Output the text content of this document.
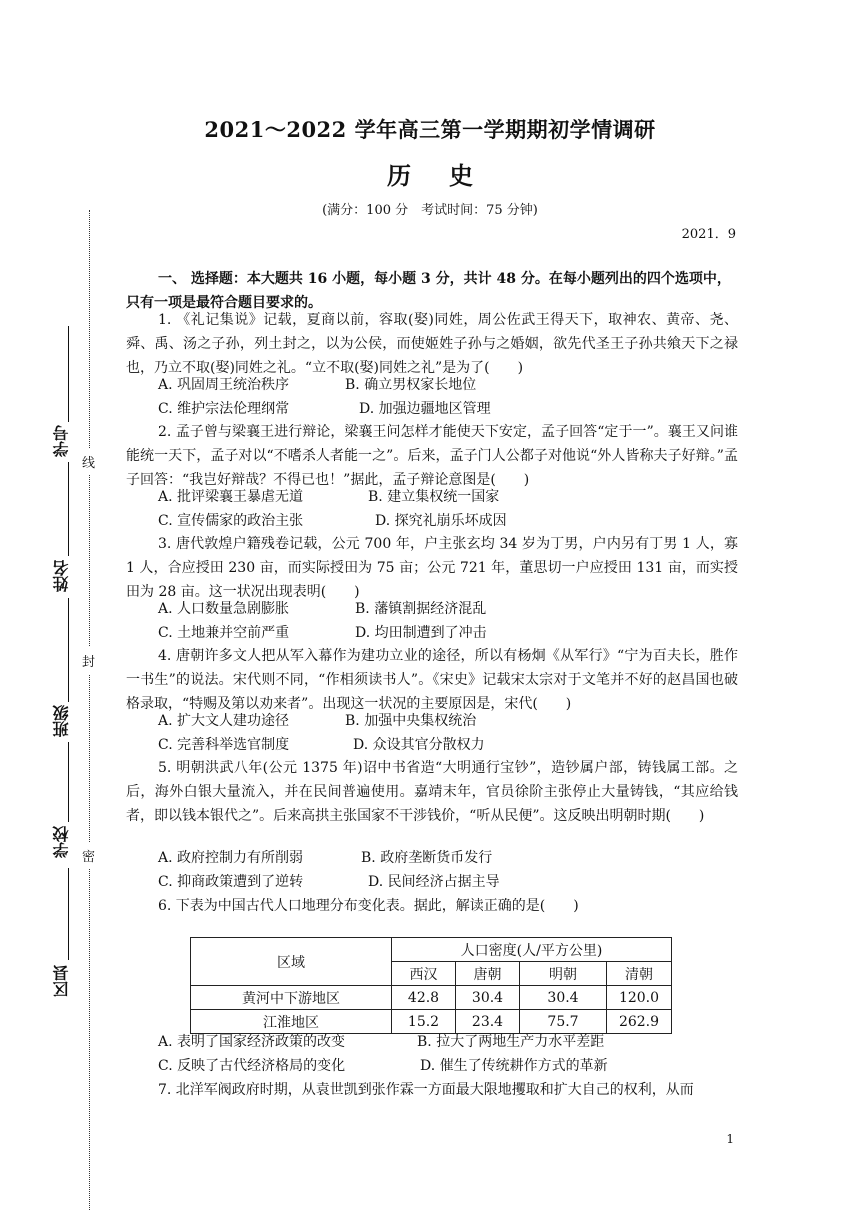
线
封
密
学号
姓名
班级
学校
区县
2021～2022 学年高三第一学期期初学情调研
历史
(满分：100 分　考试时间：75 分钟)
2021．9
一、 选择题：本大题共 16 小题，每小题 3 分，共计 48 分。在每小题列出的四个选项中，
只有一项是最符合题目要求的。
1. 《礼记集说》记载，夏商以前，容取(娶)同姓，周公佐武王得天下，取神农、黄帝、尧、舜、禹、汤之子孙，列土封之，以为公侯，而使姬姓子孙与之婚姻，欲先代圣王子孙共飨天下之禄也，乃立不取(娶)同姓之礼。“立不取(娶)同姓之礼”是为了(　　)
A. 巩固周王统治秩序	B. 确立男权家长地位
C. 维护宗法伦理纲常	D. 加强边疆地区管理
2. 孟子曾与梁襄王进行辩论，梁襄王问怎样才能使天下安定，孟子回答“定于一”。襄王又问谁能统一天下，孟子对以“不嗜杀人者能一之”。后来，孟子门人公都子对他说“外人皆称夫子好辩。”孟子回答：“我岂好辩哉？不得已也！”据此，孟子辩论意图是(　　)
A. 批评梁襄王暴虐无道	B. 建立集权统一国家
C. 宣传儒家的政治主张	D. 探究礼崩乐坏成因
3. 唐代敦煌户籍残卷记载，公元 700 年，户主张玄均 34 岁为丁男，户内另有丁男 1 人，寡 1 人，合应授田 230 亩，而实际授田为 75 亩；公元 721 年，董思切一户应授田 131 亩，而实授田为 28 亩。这一状况出现表明(　　)
A. 人口数量急剧膨胀	B. 藩镇割据经济混乱
C. 土地兼并空前严重	D. 均田制遭到了冲击
4. 唐朝许多文人把从军入幕作为建功立业的途径，所以有杨炯《从军行》“宁为百夫长，胜作一书生”的说法。宋代则不同，“作相须读书人”。《宋史》记载宋太宗对于文笔并不好的赵昌国也破格录取，“特赐及第以劝来者”。出现这一状况的主要原因是，宋代(　　)
A. 扩大文人建功途径	B. 加强中央集权统治
C. 完善科举选官制度	D. 众设其官分散权力
5. 明朝洪武八年(公元 1375 年)诏中书省造“大明通行宝钞”，造钞属户部，铸钱属工部。之后，海外白银大量流入，并在民间普遍使用。嘉靖末年，官员徐阶主张停止大量铸钱，“其应给钱者，即以钱本银代之”。后来高拱主张国家不干涉钱价，“听从民便”。这反映出明朝时期(　　)
A. 政府控制力有所削弱	B. 政府垄断货币发行
C. 抑商政策遭到了逆转	D. 民间经济占据主导
6. 下表为中国古代人口地理分布变化表。据此，解读正确的是(　　)
区域	人口密度(人/平方公里)			
	西汉	唐朝	明朝	清朝
黄河中下游地区	42.8	30.4	30.4	120.0
江淮地区	15.2	23.4	75.7	262.9
A. 表明了国家经济政策的改变	B. 拉大了两地生产力水平差距
C. 反映了古代经济格局的变化	D. 催生了传统耕作方式的革新
7. 北洋军阀政府时期，从袁世凯到张作霖一方面最大限地攫取和扩大自己的权利，从而
1
